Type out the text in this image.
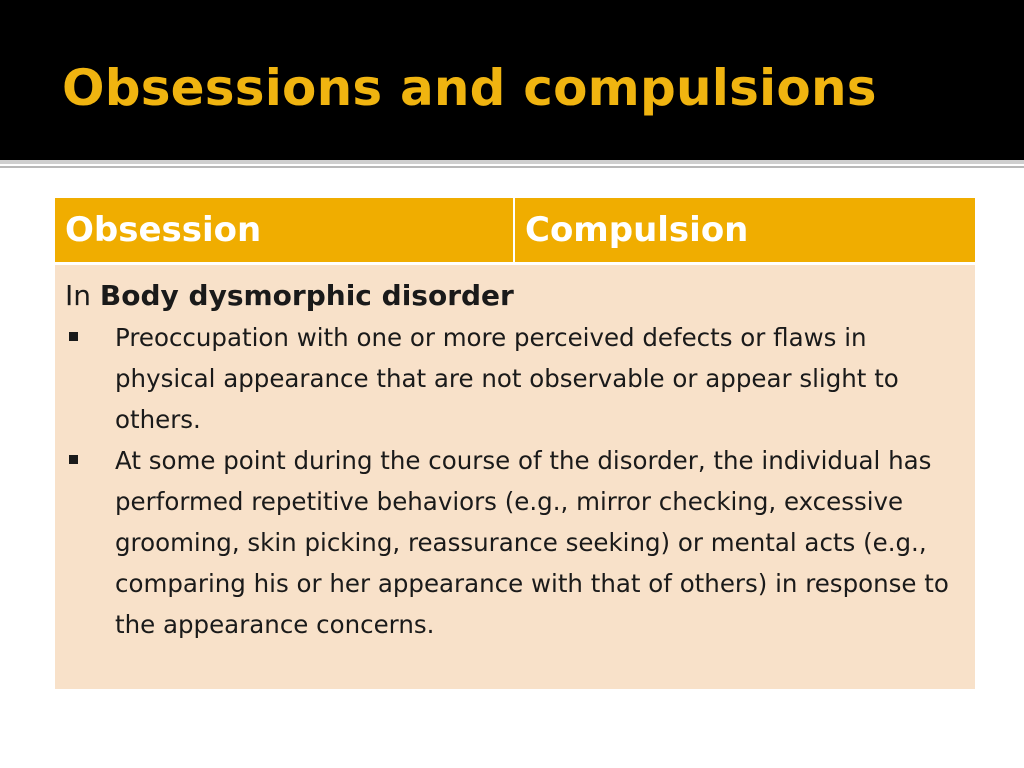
Obsessions and compulsions
Obsession	Compulsion

In Body dysmorphic disorder

Preoccupation with one or more perceived defects or flaws in physical appearance that are not observable or appear slight to others.
At some point during the course of the disorder, the individual has performed repetitive behaviors (e.g., mirror checking, excessive grooming, skin picking, reassurance seeking) or mental acts (e.g., comparing his or her appearance with that of others) in response to the appearance concerns.
